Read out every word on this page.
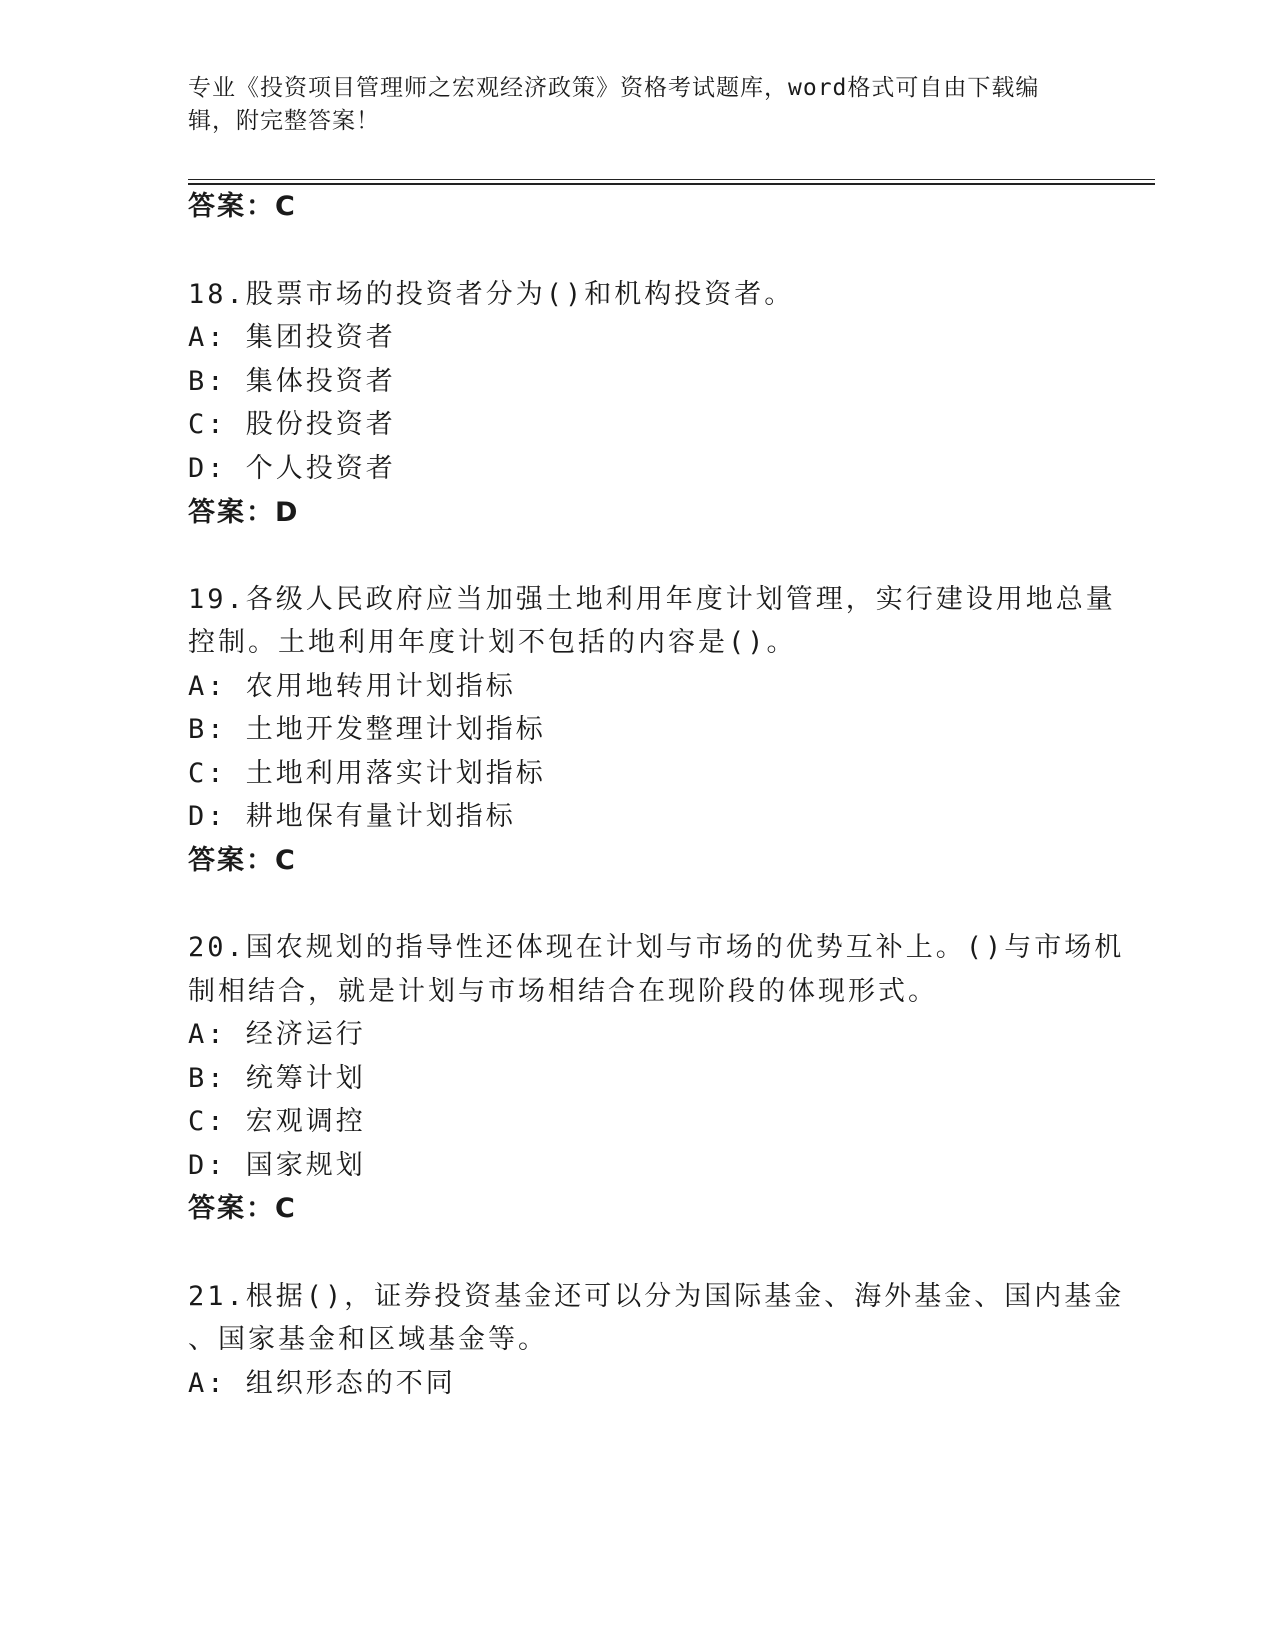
专业《投资项目管理师之宏观经济政策》资格考试题库，word格式可自由下载编
辑，附完整答案！
答案：C
18.股票市场的投资者分为()和机构投资者。
A: 集团投资者
B: 集体投资者
C: 股份投资者
D: 个人投资者
答案：D
19.各级人民政府应当加强土地利用年度计划管理，实行建设用地总量
控制。土地利用年度计划不包括的内容是()。
A: 农用地转用计划指标
B: 土地开发整理计划指标
C: 土地利用落实计划指标
D: 耕地保有量计划指标
答案：C
20.国农规划的指导性还体现在计划与市场的优势互补上。()与市场机
制相结合，就是计划与市场相结合在现阶段的体现形式。
A: 经济运行
B: 统筹计划
C: 宏观调控
D: 国家规划
答案：C
21.根据()，证券投资基金还可以分为国际基金、海外基金、国内基金
、国家基金和区域基金等。
A: 组织形态的不同
